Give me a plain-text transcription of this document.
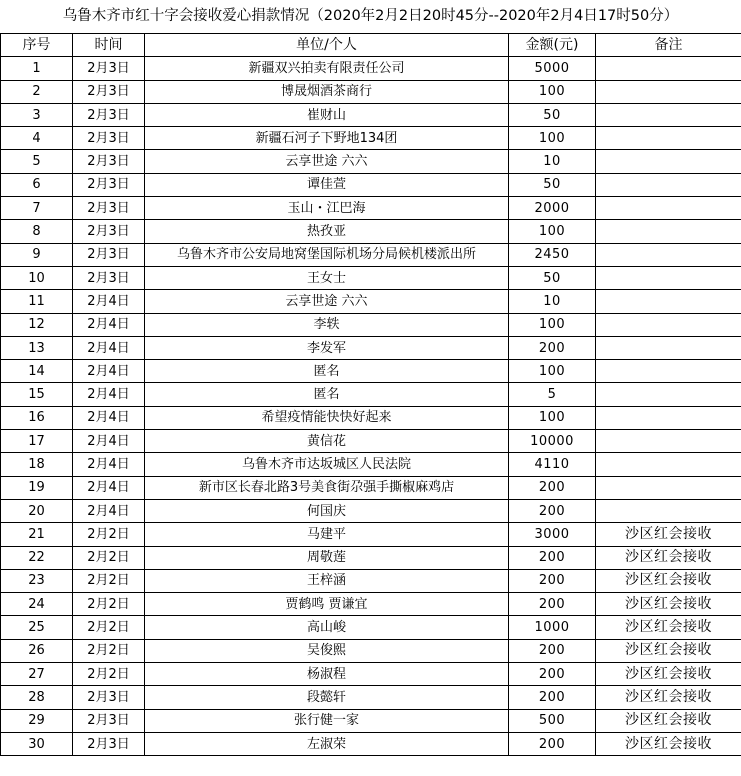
乌鲁木齐市红十字会接收爱心捐款情况（2020年2月2日20时45分--2020年2月4日17时50分）
序号	时间	单位/个人	金额(元)	备注
1	2月3日	新疆双兴拍卖有限责任公司	5000	
2	2月3日	博晟烟酒茶商行	100	
3	2月3日	崔财山	50	
4	2月3日	新疆石河子下野地134团	100	
5	2月3日	云享世途 六六	10	
6	2月3日	谭佳萱	50	
7	2月3日	玉山・江巴海	2000	
8	2月3日	热孜亚	100	
9	2月3日	乌鲁木齐市公安局地窝堡国际机场分局候机楼派出所	2450	
10	2月3日	王女士	50	
11	2月4日	云享世途 六六	10	
12	2月4日	李轶	100	
13	2月4日	李发军	200	
14	2月4日	匿名	100	
15	2月4日	匿名	5	
16	2月4日	希望疫情能快快好起来	100	
17	2月4日	黄信花	10000	
18	2月4日	乌鲁木齐市达坂城区人民法院	4110	
19	2月4日	新市区长春北路3号美食街尕强手撕椒麻鸡店	200	
20	2月4日	何国庆	200	
21	2月2日	马建平	3000	沙区红会接收
22	2月2日	周敬莲	200	沙区红会接收
23	2月2日	王梓涵	200	沙区红会接收
24	2月2日	贾鹤鸣 贾谦宜	200	沙区红会接收
25	2月2日	高山峻	1000	沙区红会接收
26	2月2日	吴俊熙	200	沙区红会接收
27	2月2日	杨淑程	200	沙区红会接收
28	2月3日	段懿轩	200	沙区红会接收
29	2月3日	张行健一家	500	沙区红会接收
30	2月3日	左淑荣	200	沙区红会接收
